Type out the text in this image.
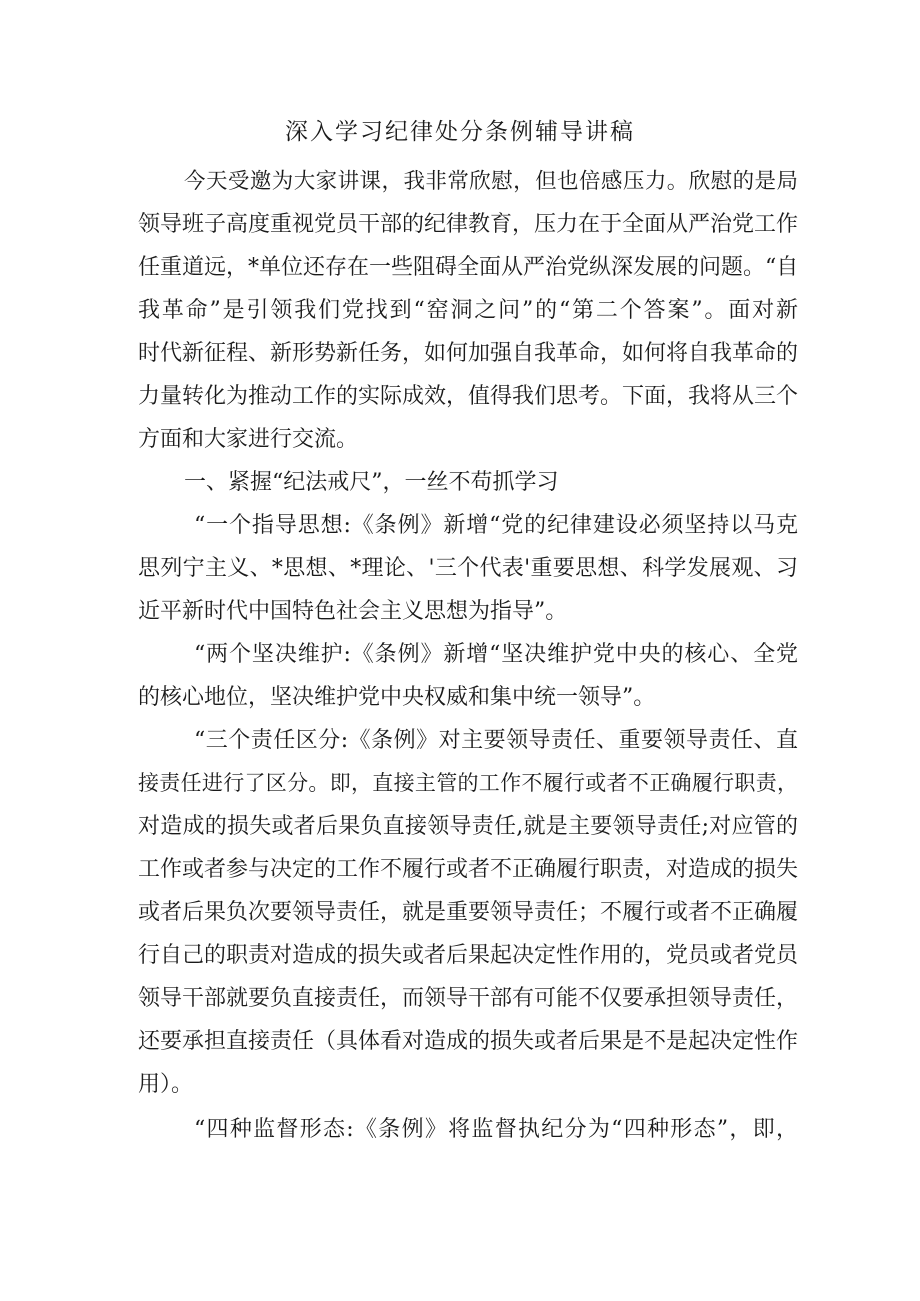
深入学习纪律处分条例辅导讲稿
今天受邀为大家讲课，我非常欣慰，但也倍感压力。欣慰的是局
领导班子高度重视党员干部的纪律教育，压力在于全面从严治党工作
任重道远，*单位还存在一些阻碍全面从严治党纵深发展的问题。“自
我革命”是引领我们党找到“窑洞之问”的“第二个答案”。面对新
时代新征程、新形势新任务，如何加强自我革命，如何将自我革命的
力量转化为推动工作的实际成效，值得我们思考。下面，我将从三个
方面和大家进行交流。
一、紧握“纪法戒尺”，一丝不苟抓学习
“一个指导思想:《条例》新增“党的纪律建设必须坚持以马克
思列宁主义、*思想、*理论、'三个代表'重要思想、科学发展观、习
近平新时代中国特色社会主义思想为指导”。
“两个坚决维护:《条例》新增“坚决维护党中央的核心、全党
的核心地位，坚决维护党中央权威和集中统一领导”。
“三个责任区分:《条例》对主要领导责任、重要领导责任、直
接责任进行了区分。即，直接主管的工作不履行或者不正确履行职责，
对造成的损失或者后果负直接领导责任,就是主要领导责任;对应管的
工作或者参与决定的工作不履行或者不正确履行职责，对造成的损失
或者后果负次要领导责任，就是重要领导责任；不履行或者不正确履
行自己的职责对造成的损失或者后果起决定性作用的，党员或者党员
领导干部就要负直接责任，而领导干部有可能不仅要承担领导责任，
还要承担直接责任（具体看对造成的损失或者后果是不是起决定性作
用）。
“四种监督形态:《条例》将监督执纪分为“四种形态”，即，
